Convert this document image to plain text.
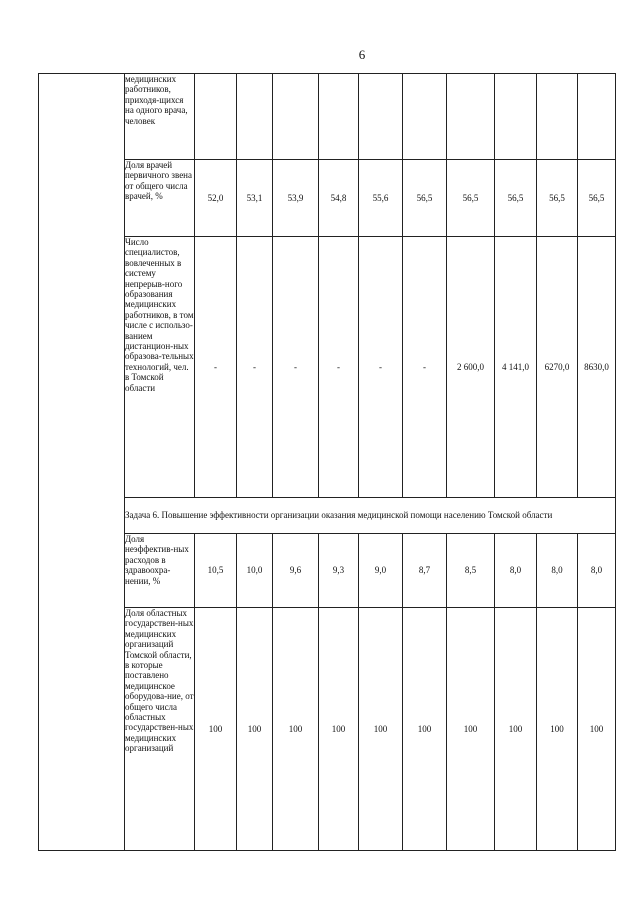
6
	медицинских работников, приходя-щихся на одного врача, человек										
	Доля врачей первичного звена от общего числа врачей, %	52,0	53,1	53,9	54,8	55,6	56,5	56,5	56,5	56,5	56,5
	Число специалистов, вовлеченных в систему непрерыв-ного образования медицинских работников, в том числе с использо-ванием дистанцион-ных образова-тельных технологий, чел. в Томской области	-	-	-	-	-	-	2 600,0	4 141,0	6270,0	8630,0
	Задача 6. Повышение эффективности организации оказания медицинской помощи населению Томской области										
	Доля неэффектив-ных расходов в здравоохра-нении, %	10,5	10,0	9,6	9,3	9,0	8,7	8,5	8,0	8,0	8,0
	Доля областных государствен-ных медицинских организаций Томской области, в которые поставлено медицинское оборудова-ние, от общего числа областных государствен-ных медицинских организаций	100	100	100	100	100	100	100	100	100	100
